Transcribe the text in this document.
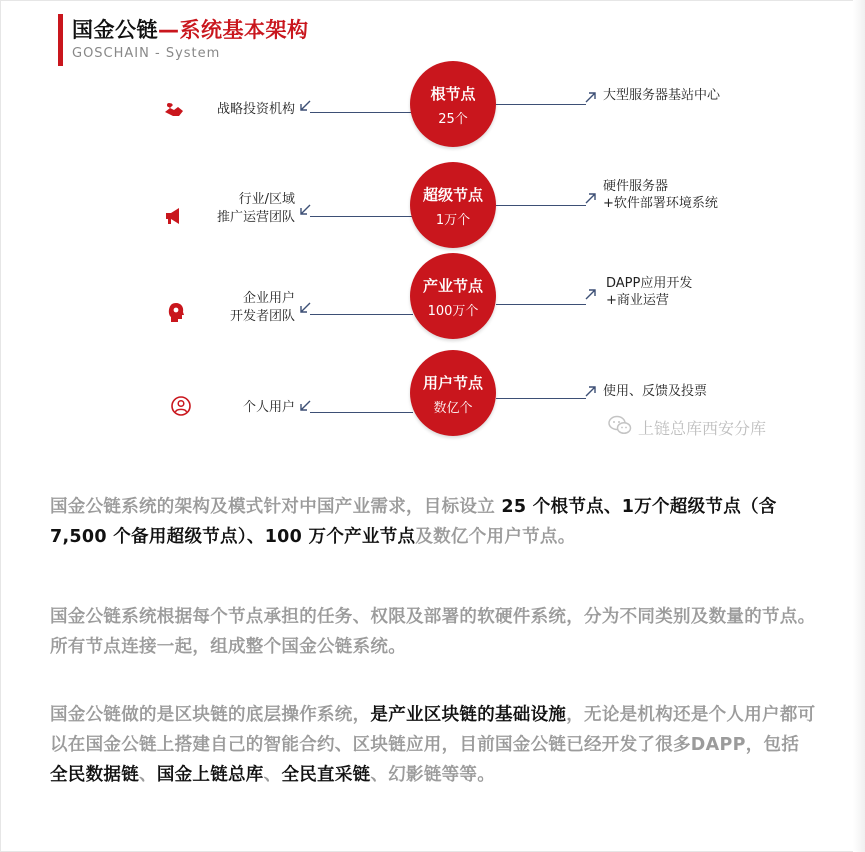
国金公链—系统基本架构
GOSCHAIN - System
战略投资机构
根节点
25个
大型服务器基站中心
行业/区域
推广运营团队
超级节点
1万个
硬件服务器
+软件部署环境系统
企业用户
开发者团队
产业节点
100万个
DAPP应用开发
+商业运营
个人用户
用户节点
数亿个
使用、反馈及投票
上链总库西安分库

国金公链系统的架构及模式针对中国产业需求，目标设立 25 个根节点、1万个超级节点（含 7,500 个备用超级节点）、100 万个产业节点及数亿个用户节点。

国金公链系统根据每个节点承担的任务、权限及部署的软硬件系统，分为不同类别及数量的节点。所有节点连接一起，组成整个国金公链系统。

国金公链做的是区块链的底层操作系统，是产业区块链的基础设施，无论是机构还是个人用户都可以在国金公链上搭建自己的智能合约、区块链应用，目前国金公链已经开发了很多DAPP，包括全民数据链、国金上链总库、全民直采链、幻影链等等。
